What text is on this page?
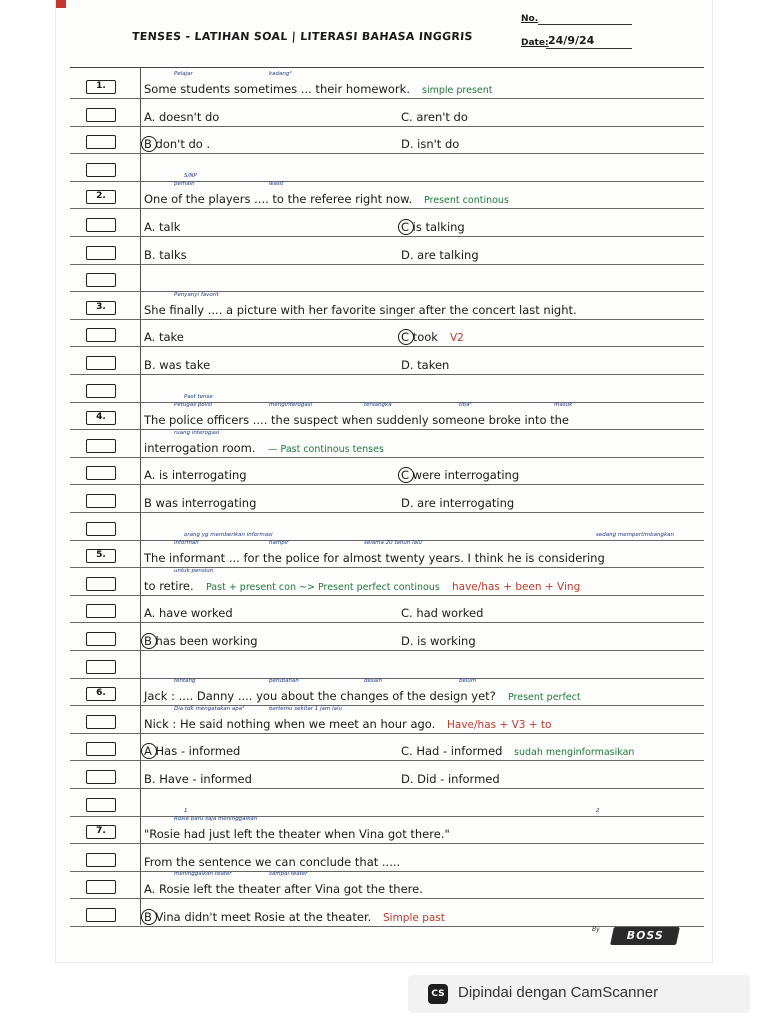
TENSES - LATIHAN SOAL | LITERASI BAHASA INGGRIS
No.
Date: 24/9/24
1.	Some students sometimes ... their homework. simple present
Pelajar	kadang²
A. doesn't do	C. aren't do
B don't do .	D. isn't do
S/NP
2.	One of the players .... to the referee right now. Present continous
pemain	wasit
A. talk	C is talking
B. talks	D. are talking
3.	She finally .... a picture with her favorite singer after the concert last night.
Penyanyi favorit
A. take	C took V2
B. was take	D. taken
Past tense
4.	The police officers .... the suspect when suddenly someone broke into the
Petugas polisi	menginterogasi	tersangka	tiba²	masuk
interrogation room. — Past continous tenses
ruang interogasi
A. is interrogating	C were interrogating
B was interrogating	D. are interrogating
orang yg memberikan informasi	sedang mempertimbangkan
5.	The informant ... for the police for almost twenty years. I think he is considering
informan	hampir	selama 20 tahun lalu
to retire. Past + present con ~> Present perfect continous have/has + been + Ving
untuk pensiun
A. have worked	C. had worked
B has been working	D. is working
6.	Jack : .... Danny .... you about the changes of the design yet? Present perfect
tentang	perubahan	desain	belum
Nick : He said nothing when we meet an hour ago. Have/has + V3 + to
Dia tdk mengatakan apa²	bertemu sekitar 1 jam lalu
A Has - informed	C. Had - informed sudah menginformasikan
B. Have - informed	D. Did - informed
1	2
7.	"Rosie had just left the theater when Vina got there."
Rosie baru saja meninggalkan
From the sentence we can conclude that .....
A. Rosie left the theater after Vina got the there.
meninggalkan teater	sampai teater
B Vina didn't meet Rosie at the theater. Simple past
By	BOSS
CS Dipindai dengan CamScanner
